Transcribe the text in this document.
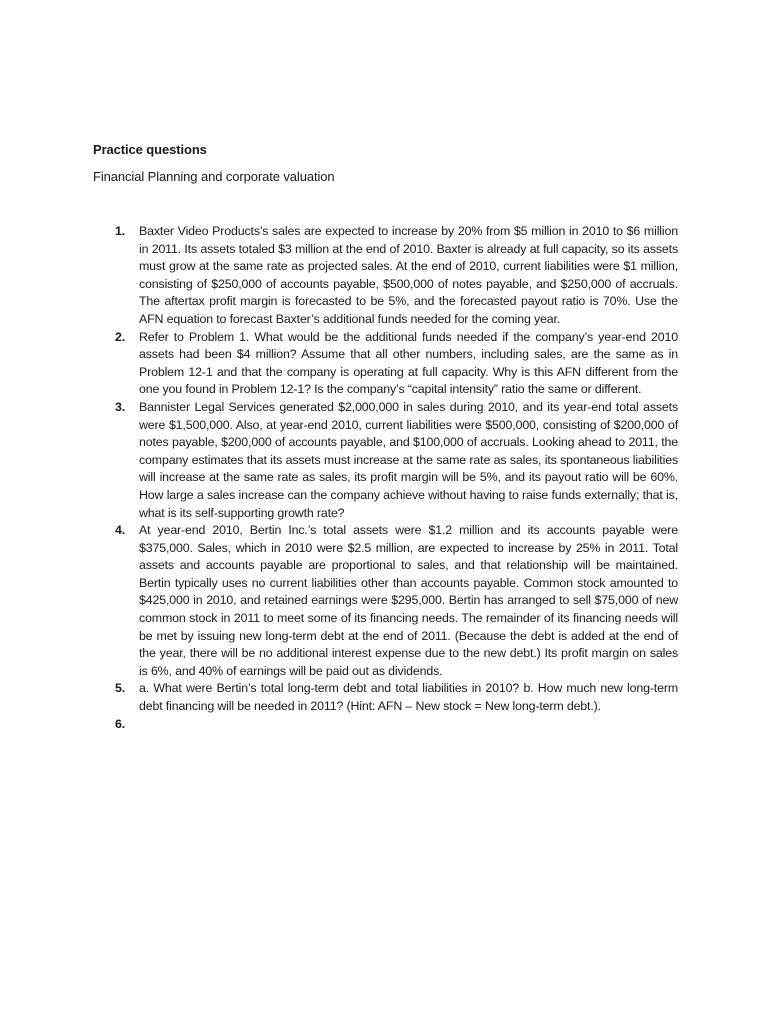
Practice questions
Financial Planning and corporate valuation
1. Baxter Video Products’s sales are expected to increase by 20% from $5 million in 2010 to $6 million in 2011. Its assets totaled $3 million at the end of 2010. Baxter is already at full capacity, so its assets must grow at the same rate as projected sales. At the end of 2010, current liabilities were $1 million, consisting of $250,000 of accounts payable, $500,000 of notes payable, and $250,000 of accruals. The aftertax profit margin is forecasted to be 5%, and the forecasted payout ratio is 70%. Use the AFN equation to forecast Baxter’s additional funds needed for the coming year.
2. Refer to Problem 1. What would be the additional funds needed if the company’s year-end 2010 assets had been $4 million? Assume that all other numbers, including sales, are the same as in Problem 12-1 and that the company is operating at full capacity. Why is this AFN different from the one you found in Problem 12-1? Is the company’s “capital intensity” ratio the same or different.
3. Bannister Legal Services generated $2,000,000 in sales during 2010, and its year-end total assets were $1,500,000. Also, at year-end 2010, current liabilities were $500,000, consisting of $200,000 of notes payable, $200,000 of accounts payable, and $100,000 of accruals. Looking ahead to 2011, the company estimates that its assets must increase at the same rate as sales, its spontaneous liabilities will increase at the same rate as sales, its profit margin will be 5%, and its payout ratio will be 60%. How large a sales increase can the company achieve without having to raise funds externally; that is, what is its self-supporting growth rate?
4. At year-end 2010, Bertin Inc.’s total assets were $1.2 million and its accounts payable were $375,000. Sales, which in 2010 were $2.5 million, are expected to increase by 25% in 2011. Total assets and accounts payable are proportional to sales, and that relationship will be maintained. Bertin typically uses no current liabilities other than accounts payable. Common stock amounted to $425,000 in 2010, and retained earnings were $295,000. Bertin has arranged to sell $75,000 of new common stock in 2011 to meet some of its financing needs. The remainder of its financing needs will be met by issuing new long-term debt at the end of 2011. (Because the debt is added at the end of the year, there will be no additional interest expense due to the new debt.) Its profit margin on sales is 6%, and 40% of earnings will be paid out as dividends.
5. a. What were Bertin’s total long-term debt and total liabilities in 2010? b. How much new long-term debt financing will be needed in 2011? (Hint: AFN – New stock = New long-term debt.).
6.
